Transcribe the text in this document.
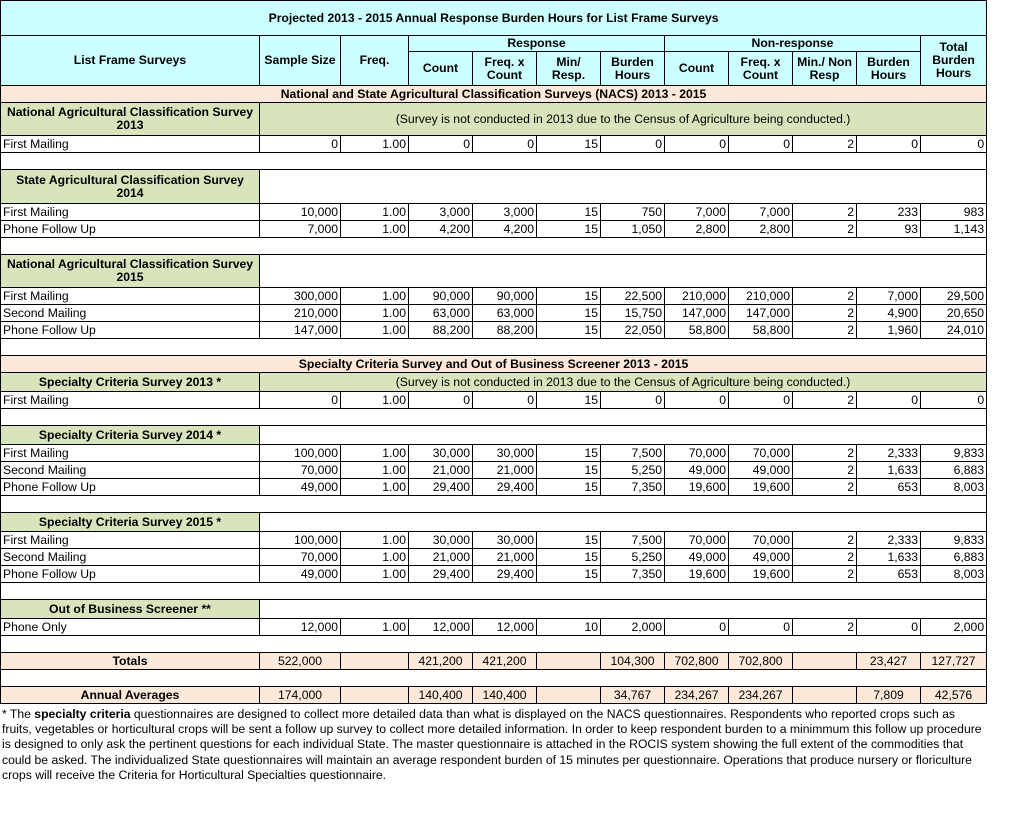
Projected 2013 - 2015 Annual Response Burden Hours for List Frame Surveys											
List Frame Surveys	Sample Size	Freq.	Response				Non-response				Total Burden Hours
			Count	Freq. x Count	Min/ Resp.	Burden Hours	Count	Freq. x Count	Min./ Non Resp	Burden Hours	
National and State Agricultural Classification Surveys (NACS) 2013 - 2015											
National Agricultural Classification Survey 2013	(Survey is not conducted in 2013 due to the Census of Agriculture being conducted.)										
First Mailing	0	1.00	0	0	15	0	0	0	2	0	0

State Agricultural Classification Survey 2014											
First Mailing	10,000	1.00	3,000	3,000	15	750	7,000	7,000	2	233	983
Phone Follow Up	7,000	1.00	4,200	4,200	15	1,050	2,800	2,800	2	93	1,143

National Agricultural Classification Survey 2015											
First Mailing	300,000	1.00	90,000	90,000	15	22,500	210,000	210,000	2	7,000	29,500
Second Mailing	210,000	1.00	63,000	63,000	15	15,750	147,000	147,000	2	4,900	20,650
Phone Follow Up	147,000	1.00	88,200	88,200	15	22,050	58,800	58,800	2	1,960	24,010

Specialty Criteria Survey and Out of Business Screener 2013 - 2015											
Specialty Criteria Survey 2013 *	(Survey is not conducted in 2013 due to the Census of Agriculture being conducted.)										
First Mailing	0	1.00	0	0	15	0	0	0	2	0	0

Specialty Criteria Survey 2014 *											
First Mailing	100,000	1.00	30,000	30,000	15	7,500	70,000	70,000	2	2,333	9,833
Second Mailing	70,000	1.00	21,000	21,000	15	5,250	49,000	49,000	2	1,633	6,883
Phone Follow Up	49,000	1.00	29,400	29,400	15	7,350	19,600	19,600	2	653	8,003

Specialty Criteria Survey 2015 *											
First Mailing	100,000	1.00	30,000	30,000	15	7,500	70,000	70,000	2	2,333	9,833
Second Mailing	70,000	1.00	21,000	21,000	15	5,250	49,000	49,000	2	1,633	6,883
Phone Follow Up	49,000	1.00	29,400	29,400	15	7,350	19,600	19,600	2	653	8,003

Out of Business Screener **											
Phone Only	12,000	1.00	12,000	12,000	10	2,000	0	0	2	0	2,000

Totals	522,000		421,200	421,200		104,300	702,800	702,800		23,427	127,727

Annual Averages	174,000		140,400	140,400		34,767	234,267	234,267		7,809	42,576
* The specialty criteria questionnaires are designed to collect more detailed data than what is displayed on the NACS questionnaires. Respondents who reported crops such as fruits, vegetables or horticultural crops will be sent a follow up survey to collect more detailed information. In order to keep respondent burden to a minimmum this follow up procedure is designed to only ask the pertinent questions for each individual State. The master questionnaire is attached in the ROCIS system showing the full extent of the commodities that could be asked. The individualized State questionnaires will maintain an average respondent burden of 15 minutes per questionnaire. Operations that produce nursery or floriculture crops will receive the Criteria for Horticultural Specialties questionnaire.
